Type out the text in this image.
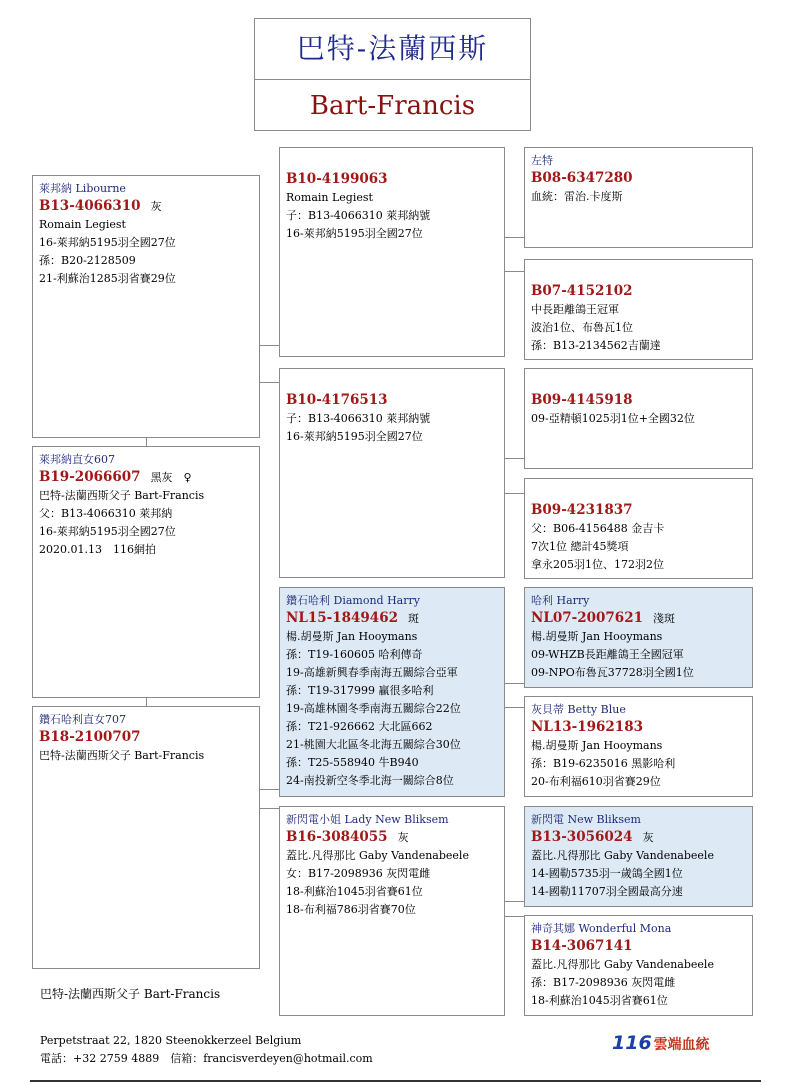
巴特-法蘭西斯
Bart-Francis
萊邦納 Libourne
B13-4066310 灰
Romain Legiest
16-萊邦納5195羽全國27位
孫：B20-2128509
21-利蘇治1285羽省賽29位
萊邦納直女607
B19-2066607 黑灰　♀
巴特-法蘭西斯父子 Bart-Francis
父：B13-4066310 萊邦納
16-萊邦納5195羽全國27位
2020.01.13　116網拍
鑽石哈利直女707
B18-2100707
巴特-法蘭西斯父子 Bart-Francis
B10-4199063
Romain Legiest
子：B13-4066310 萊邦納號
16-萊邦納5195羽全國27位
B10-4176513
子：B13-4066310 萊邦納號
16-萊邦納5195羽全國27位
鑽石哈利 Diamond Harry
NL15-1849462 斑
楊.胡曼斯 Jan Hooymans
孫：T19-160605 哈利傳奇
19-高雄新興春季南海五關綜合亞軍
孫：T19-317999 贏很多哈利
19-高雄林園冬季南海五關綜合22位
孫：T21-926662 大北區662
21-桃園大北區冬北海五關綜合30位
孫：T25-558940 牛B940
24-南投新空冬季北海一關綜合8位
新閃電小姐 Lady New Bliksem
B16-3084055 灰
蓋比.凡得那比 Gaby Vandenabeele
女：B17-2098936 灰閃電雌
18-利蘇治1045羽省賽61位
18-布利福786羽省賽70位
左特
B08-6347280
血統：雷治.卡度斯
B07-4152102
中長距離鴿王冠軍
波治1位、布魯瓦1位
孫：B13-2134562吉蘭達
B09-4145918
09-亞精頓1025羽1位+全國32位
B09-4231837
父：B06-4156488 金吉卡
7次1位 總計45獎項
拿永205羽1位、172羽2位
哈利 Harry
NL07-2007621 淺斑
楊.胡曼斯 Jan Hooymans
09-WHZB長距離鴿王全國冠軍
09-NPO布魯瓦37728羽全國1位
灰貝蒂 Betty Blue
NL13-1962183
楊.胡曼斯 Jan Hooymans
孫：B19-6235016 黑影哈利
20-布利福610羽省賽29位
新閃電 New Bliksem
B13-3056024 灰
蓋比.凡得那比 Gaby Vandenabeele
14-國勒5735羽一歲鴿全國1位
14-國勒11707羽全國最高分速
神奇其娜 Wonderful Mona
B14-3067141
蓋比.凡得那比 Gaby Vandenabeele
孫：B17-2098936 灰閃電雌
18-利蘇治1045羽省賽61位
巴特-法蘭西斯父子 Bart-Francis
Perpetstraat 22, 1820 Steenokkerzeel Belgium
電話：+32 2759 4889　信箱：francisverdeyen@hotmail.com
116 雲端血統
